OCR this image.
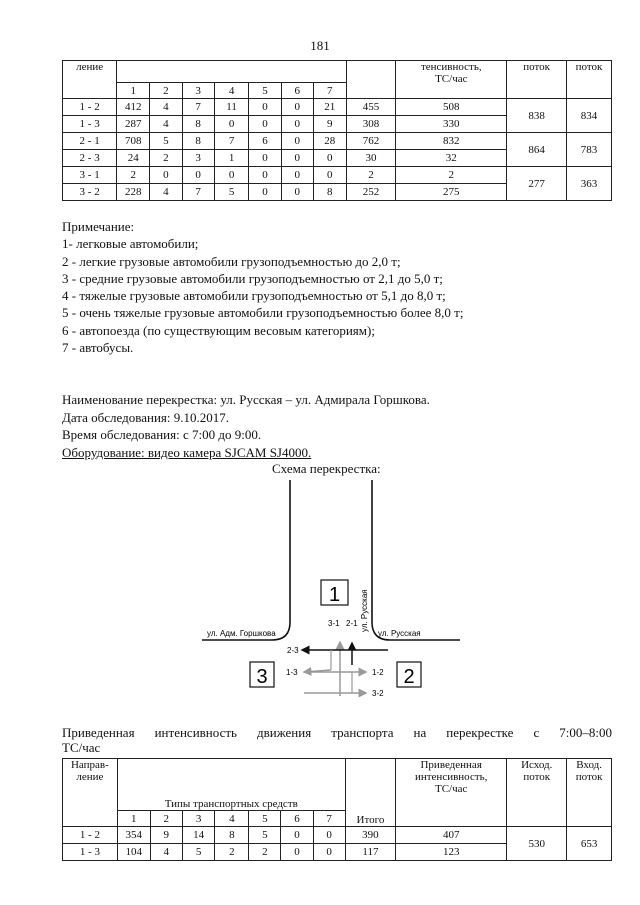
181
ление									тенсивность,
ТС/час	поток	поток
	1	2	3	4	5	6	7				
1 - 2	412	4	7	11	0	0	21	455	508	838	834
1 - 3	287	4	8	0	0	0	9	308	330		
2 - 1	708	5	8	7	6	0	28	762	832	864	783
2 - 3	24	2	3	1	0	0	0	30	32		
3 - 1	2	0	0	0	0	0	0	2	2	277	363
3 - 2	228	4	7	5	0	0	8	252	275		
Примечание:
1- легковые автомобили;
2 - легкие грузовые автомобили грузоподъемностью до 2,0 т;
3 - средние грузовые автомобили грузоподъемностью от 2,1 до 5,0 т;
4 - тяжелые грузовые автомобили грузоподъемностью от 5,1 до 8,0 т;
5 - очень тяжелые грузовые автомобили грузоподъемностью более 8,0 т;
6 - автопоезда (по существующим весовым категориям);
7 - автобусы.
Наименование перекрестка: ул. Русская – ул. Адмирала Горшкова.
Дата обследования: 9.10.2017.
Время обследования: с 7:00 до 9:00.
Оборудование: видео камера SJCAM SJ4000.
Схема перекрестка:
1
3	2
ул. Адм. Горшкова	ул. Русская
ул. Русская
3-1 2-1
2-3
1-3	1-2
3-2
Приведенная интенсивность движения транспорта на перекрестке с 7:00–8:00
ТС/час
Направ-
ление	Типы транспортных средств							Итого	Приведенная
интенсивность,
ТС/час	Исход.
поток	Вход.
поток
	1	2	3	4	5	6	7				
1 - 2	354	9	14	8	5	0	0	390	407	530	653
1 - 3	104	4	5	2	2	0	0	117	123		
